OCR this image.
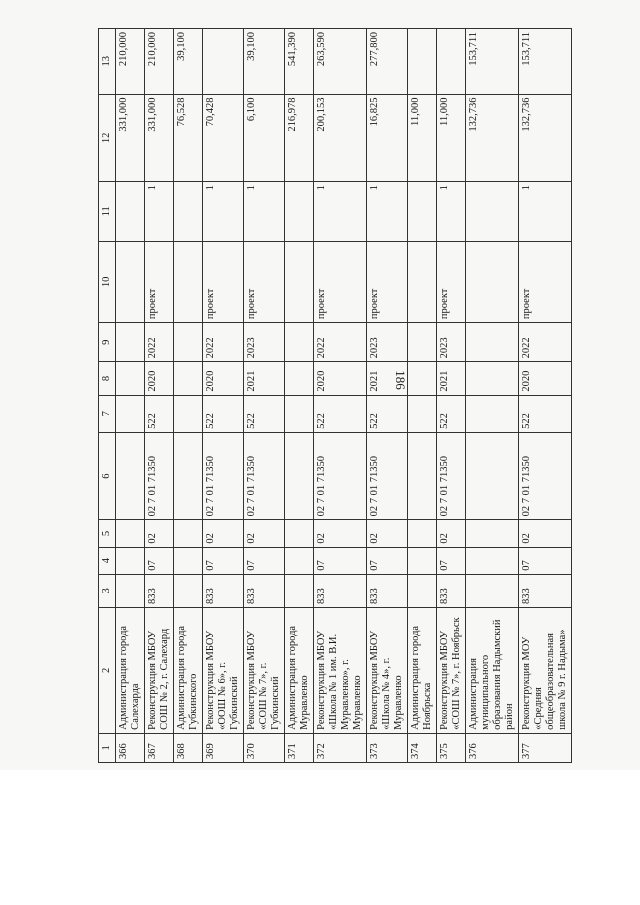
186
1	2	3	4	5	6	7	8	9	10	11	12	13
366	Администрация города Салехарда										331,000	210,000
367	Реконструкция МБОУ СОШ № 2, г. Салехард	833	07	02	02 7 01 71350	522	2020	2022	проект	1	331,000	210,000
368	Администрация города Губкинского										76,528	39,100
369	Реконструкция МБОУ «ООШ № 6», г. Губкинский	833	07	02	02 7 01 71350	522	2020	2022	проект	1	70,428	
370	Реконструкция МБОУ «СОШ № 7», г. Губкинский	833	07	02	02 7 01 71350	522	2021	2023	проект	1	6,100	39,100
371	Администрация города Муравленко										216,978	541,390
372	Реконструкция МБОУ «Школа № 1 им. В.И. Муравленко», г. Муравленко	833	07	02	02 7 01 71350	522	2020	2022	проект	1	200,153	263,590
373	Реконструкция МБОУ «Школа № 4», г. Муравленко	833	07	02	02 7 01 71350	522	2021	2023	проект	1	16,825	277,800
374	Администрация города Ноябрьска										11,000	
375	Реконструкция МБОУ «СОШ № 7», г. Ноябрьск	833	07	02	02 7 01 71350	522	2021	2023	проект	1	11,000	
376	Администрация муниципального образования Надымский район										132,736	153,711
377	Реконструкция МОУ «Средняя общеобразовательная школа № 9 г. Надыма»	833	07	02	02 7 01 71350	522	2020	2022	проект	1	132,736	153,711
